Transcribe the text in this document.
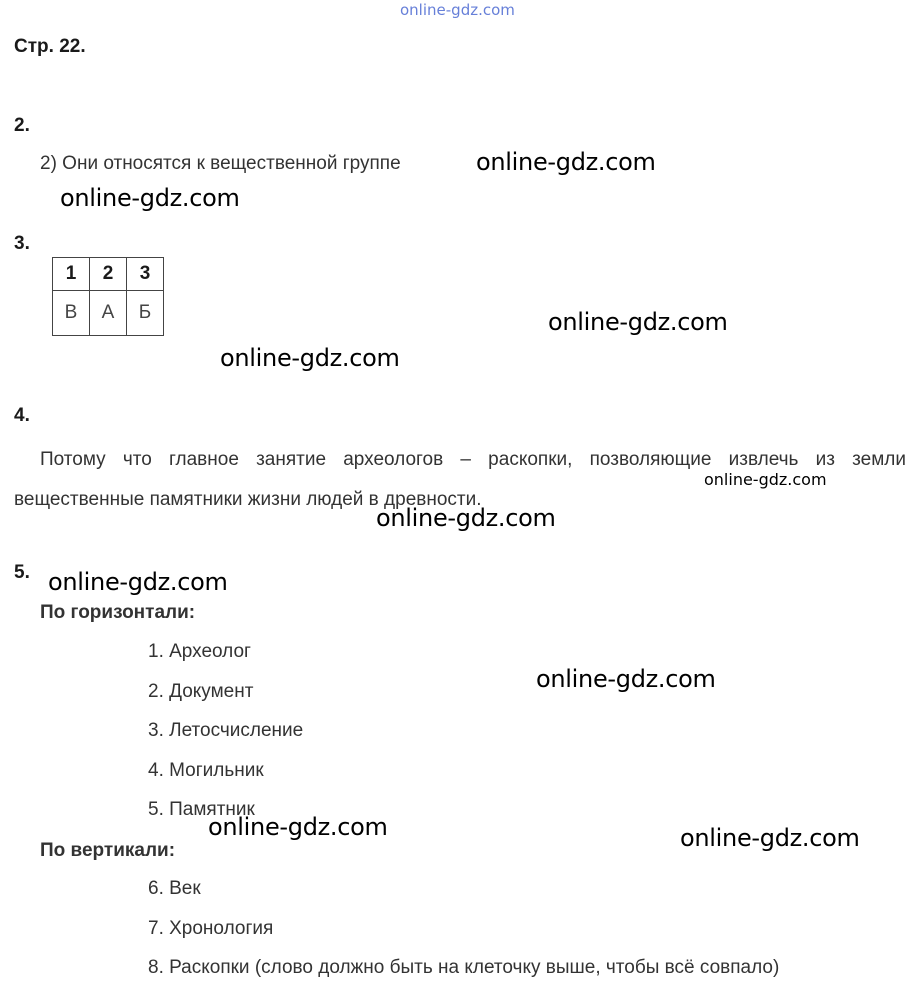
online-gdz.com
Стр. 22.
2.
2) Они относятся к вещественной группе	online-gdz.com
online-gdz.com
3.
1	2	3
В	А	Б	online-gdz.com
online-gdz.com
4.
Потому что главное занятие археологов – раскопки, позволяющие извлечь из земли вещественные памятники жизни людей в древности.
online-gdz.com
online-gdz.com
5. online-gdz.com
По горизонтали:
1. Археолог
2. Документ
3. Летосчисление
4. Могильник
5. Памятник
online-gdz.com
online-gdz.com
По вертикали:	online-gdz.com
6. Век
7. Хронология
8. Раскопки (слово должно быть на клеточку выше, чтобы всё совпало)
